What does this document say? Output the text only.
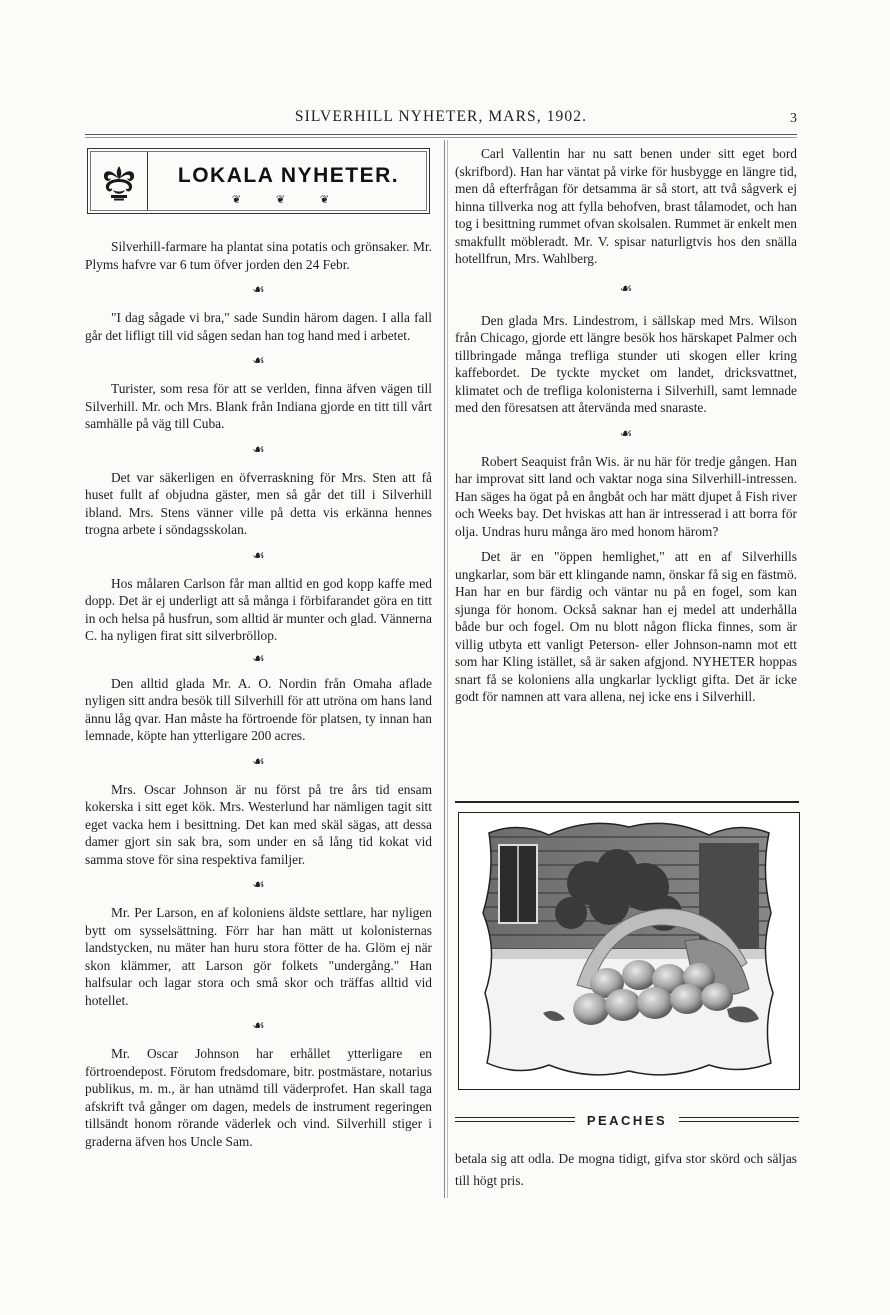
SILVERHILL NYHETER, MARS, 1902.	3
LOKALA NYHETER.
❦ ❦ ❦

Silverhill-farmare ha plantat sina potatis och grönsaker. Mr. Plyms hafvre var 6 tum öfver jorden den 24 Febr.

☙

"I dag sågade vi bra," sade Sundin härom dagen. I alla fall går det lifligt till vid sågen sedan han tog hand med i arbetet.

☙

Turister, som resa för att se verlden, finna äfven vägen till Silverhill. Mr. och Mrs. Blank från Indiana gjorde en titt till vårt samhälle på väg till Cuba.

☙

Det var säkerligen en öfverraskning för Mrs. Sten att få huset fullt af objudna gäster, men så går det till i Silverhill ibland. Mrs. Stens vänner ville på detta vis erkänna hennes trogna arbete i söndagsskolan.

☙

Hos målaren Carlson får man alltid en god kopp kaffe med dopp. Det är ej underligt att så många i förbifarandet göra en titt in och helsa på husfrun, som alltid är munter och glad. Vännerna C. ha nyligen firat sitt silverbröllop.

☙

Den alltid glada Mr. A. O. Nordin från Omaha aflade nyligen sitt andra besök till Silverhill för att utröna om hans land ännu låg qvar. Han måste ha förtroende för platsen, ty innan han lemnade, köpte han ytterligare 200 acres.

☙

Mrs. Oscar Johnson är nu först på tre års tid ensam kokerska i sitt eget kök. Mrs. Westerlund har nämligen tagit sitt eget vacka hem i besittning. Det kan med skäl sägas, att dessa damer gjort sin sak bra, som under en så lång tid kokat vid samma stove för sina respektiva familjer.

☙

Mr. Per Larson, en af koloniens äldste settlare, har nyligen bytt om sysselsättning. Förr har han mätt ut kolonisternas landstycken, nu mäter han huru stora fötter de ha. Glöm ej när skon klämmer, att Larson gör folkets "undergång." Han halfsular och lagar stora och små skor och träffas alltid vid hotellet.

☙

Mr. Oscar Johnson har erhållet ytterligare en förtroendepost. Förutom fredsdomare, bitr. postmästare, notarius publikus, m. m., är han utnämd till väderprofet. Han skall taga afskrift två gånger om dagen, medels de instrument regeringen tillsändt honom rörande väderlek och vind. Silverhill stiger i graderna äfven hos Uncle Sam.

Carl Vallentin har nu satt benen under sitt eget bord (skrifbord). Han har väntat på virke för husbygge en längre tid, men då efterfrågan för detsamma är så stort, att två sågverk ej hinna tillverka nog att fylla behofven, brast tålamodet, och han tog i besittning rummet ofvan skolsalen. Rummet är enkelt men smakfullt möbleradt. Mr. V. spisar naturligtvis hos den snälla hotellfrun, Mrs. Wahlberg.

☙

Den glada Mrs. Lindestrom, i sällskap med Mrs. Wilson från Chicago, gjorde ett längre besök hos härskapet Palmer och tillbringade många trefliga stunder uti skogen eller kring kaffebordet. De tyckte mycket om landet, dricksvattnet, klimatet och de trefliga kolonisterna i Silverhill, samt lemnade med den föresatsen att återvända med snaraste.

☙

Robert Seaquist från Wis. är nu här för tredje gången. Han har improvat sitt land och vaktar noga sina Silverhill-intressen. Han säges ha ögat på en ångbåt och har mätt djupet å Fish river och Weeks bay. Det hviskas att han är intresserad i att borra för olja. Undras huru många äro med honom härom?

Det är en "öppen hemlighet," att en af Silverhills ungkarlar, som bär ett klingande namn, önskar få sig en fästmö. Han har en bur färdig och väntar nu på en fogel, som kan sjunga för honom. Också saknar han ej medel att underhålla både bur och fogel. Om nu blott någon flicka finnes, som är villig utbyta ett vanligt Peterson- eller Johnson-namn mot ett som har Kling istället, så är saken afgjond. NYHETER hoppas snart få se koloniens alla ungkarlar lyckligt gifta. Det är icke godt för namnen att vara allena, nej icke ens i Silverhill.

PEACHES

betala sig att odla. De mogna tidigt, gifva stor skörd och säljas till högt pris.
